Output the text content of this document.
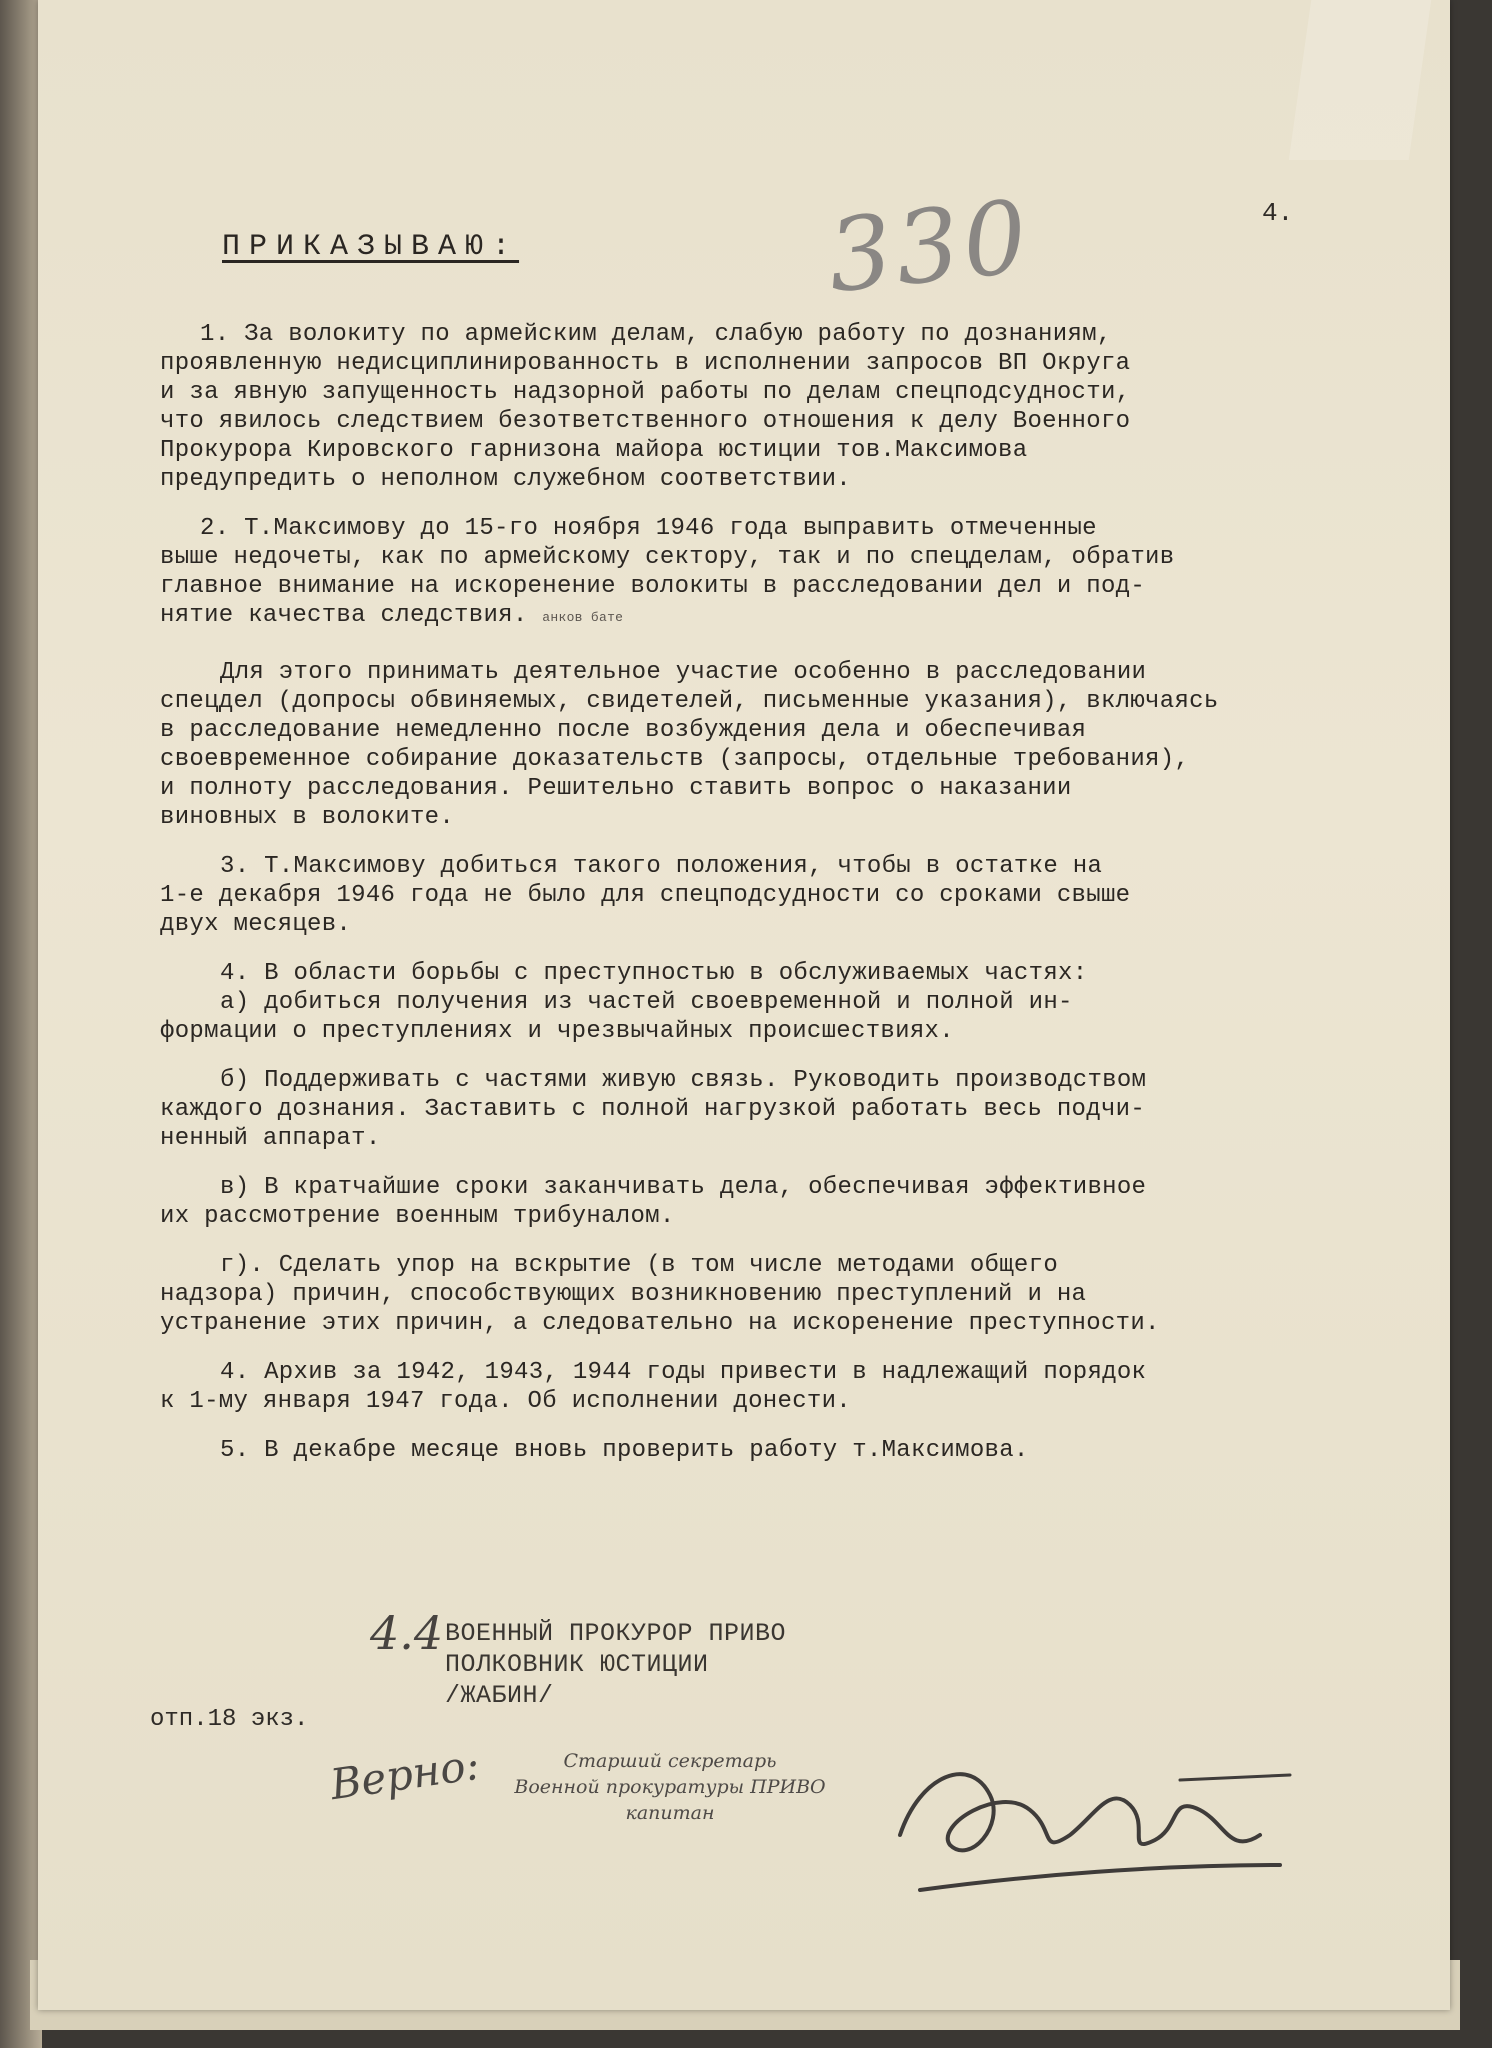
4.
330
ПРИКАЗЫВАЮ:

1. За волокиту по армейским делам, слабую работу по дознаниям,
проявленную недисциплинированность в исполнении запросов ВП Округа
и за явную запущенность надзорной работы по делам спецподсудности,
что явилось следствием безответственного отношения к делу Военного
Прокурора Кировского гарнизона майора юстиции тов.Максимова
предупредить о неполном служебном соответствии.

2. Т.Максимову до 15-го ноября 1946 года выправить отмеченные
выше недочеты, как по армейскому сектору, так и по спецделам, обратив
главное внимание на искоренение волокиты в расследовании дел и под-
нятие качества следствия. анков бате

Для этого принимать деятельное участие особенно в расследовании
спецдел (допросы обвиняемых, свидетелей, письменные указания), включаясь
в расследование немедленно после возбуждения дела и обеспечивая
своевременное собирание доказательств (запросы, отдельные требования),
и полноту расследования. Решительно ставить вопрос о наказании
виновных в волоките.

3. Т.Максимову добиться такого положения, чтобы в остатке на
1-е декабря 1946 года не было для спецподсудности со сроками свыше
двух месяцев.

4. В области борьбы с преступностью в обслуживаемых частях:
а) добиться получения из частей своевременной и полной ин-
формации о преступлениях и чрезвычайных происшествиях.

б) Поддерживать с частями живую связь. Руководить производством
каждого дознания. Заставить с полной нагрузкой работать весь подчи-
ненный аппарат.

в) В кратчайшие сроки заканчивать дела, обеспечивая эффективное
их рассмотрение военным трибуналом.

г). Сделать упор на вскрытие (в том числе методами общего
надзора) причин, способствующих возникновению преступлений и на
устранение этих причин, а следовательно на искоренение преступности.

4. Архив за 1942, 1943, 1944 годы привести в надлежащий порядок
к 1-му января 1947 года. Об исполнении донести.

5. В декабре месяце вновь проверить работу т.Максимова.

4.4 ВОЕННЫЙ ПРОКУРОР ПРИВО
ПОЛКОВНИК ЮСТИЦИИ
/ЖАБИН/
отп.18 экз.
Верно:	Старший секретарь
Военной прокуратуры ПРИВО
капитан
